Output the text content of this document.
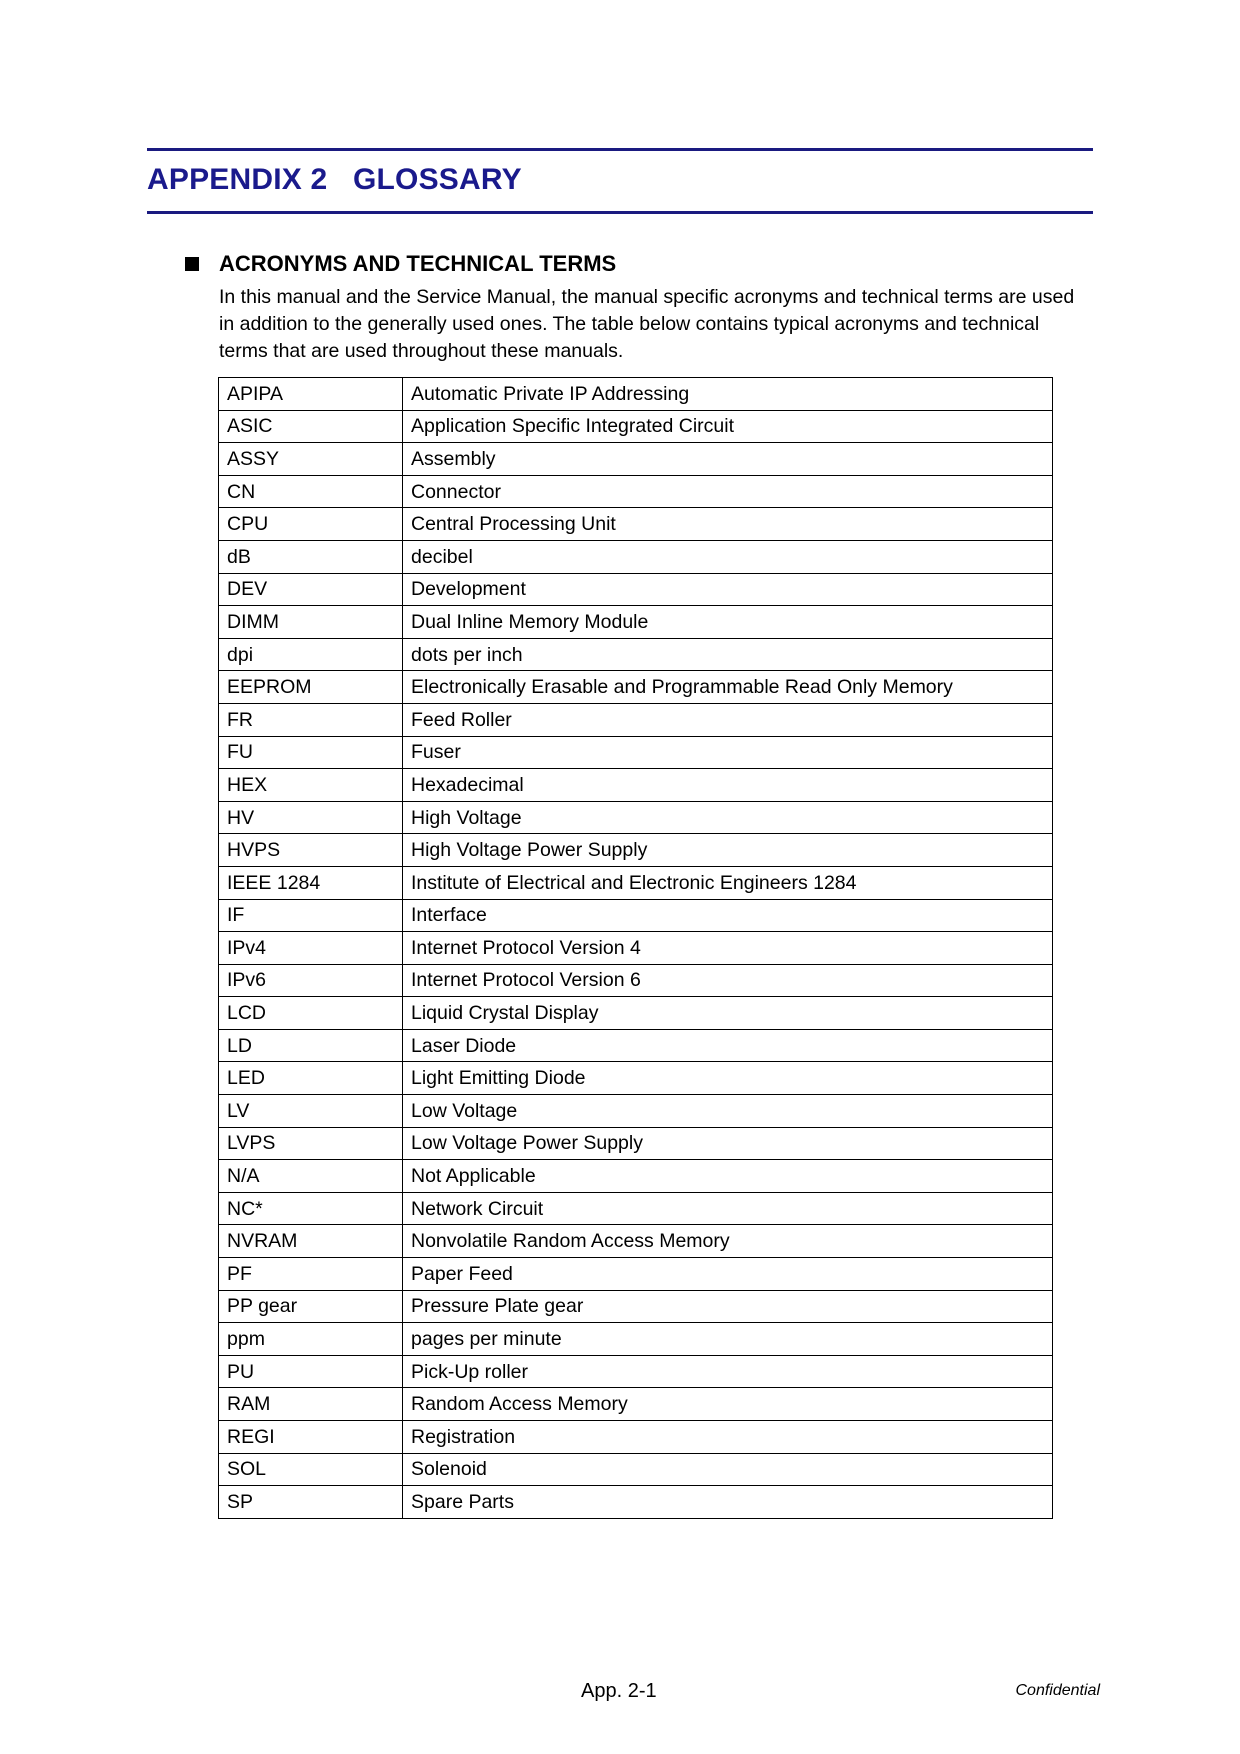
APPENDIX 2   GLOSSARY
ACRONYMS AND TECHNICAL TERMS

In this manual and the Service Manual, the manual specific acronyms and technical terms are used in addition to the generally used ones. The table below contains typical acronyms and technical terms that are used throughout these manuals.

APIPA	Automatic Private IP Addressing
ASIC	Application Specific Integrated Circuit
ASSY	Assembly
CN	Connector
CPU	Central Processing Unit
dB	decibel
DEV	Development
DIMM	Dual Inline Memory Module
dpi	dots per inch
EEPROM	Electronically Erasable and Programmable Read Only Memory
FR	Feed Roller
FU	Fuser
HEX	Hexadecimal
HV	High Voltage
HVPS	High Voltage Power Supply
IEEE 1284	Institute of Electrical and Electronic Engineers 1284
IF	Interface
IPv4	Internet Protocol Version 4
IPv6	Internet Protocol Version 6
LCD	Liquid Crystal Display
LD	Laser Diode
LED	Light Emitting Diode
LV	Low Voltage
LVPS	Low Voltage Power Supply
N/A	Not Applicable
NC*	Network Circuit
NVRAM	Nonvolatile Random Access Memory
PF	Paper Feed
PP gear	Pressure Plate gear
ppm	pages per minute
PU	Pick-Up roller
RAM	Random Access Memory
REGI	Registration
SOL	Solenoid
SP	Spare Parts
App. 2-1	Confidential
